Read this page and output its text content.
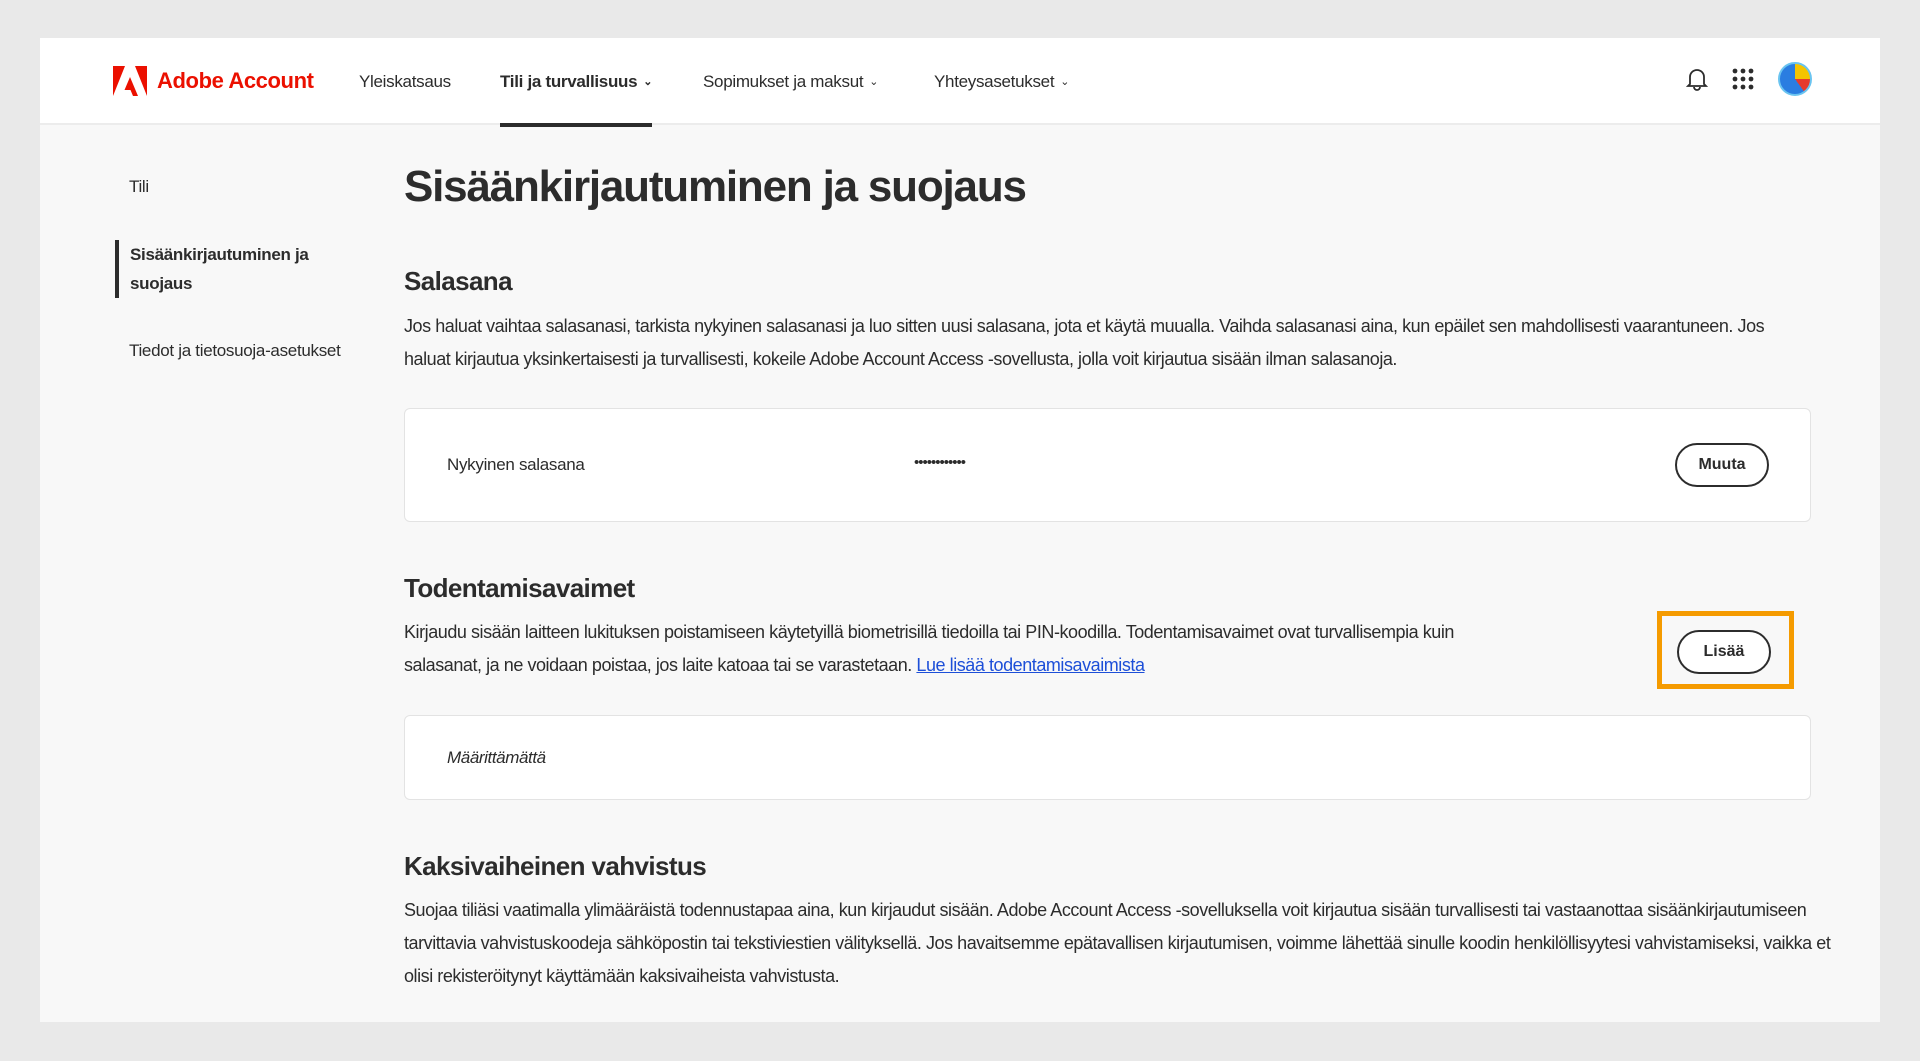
Adobe Account	Yleiskatsaus	Tili ja turvallisuus ⌄	Sopimukset ja maksut ⌄	Yhteysasetukset ⌄
Tili
Sisäänkirjautuminen ja suojaus
Tiedot ja tietosuoja-asetukset
Sisäänkirjautuminen ja suojaus
Salasana

Jos haluat vaihtaa salasanasi, tarkista nykyinen salasanasi ja luo sitten uusi salasana, jota et käytä muualla. Vaihda salasanasi aina, kun epäilet sen mahdollisesti vaarantuneen. Jos haluat kirjautua yksinkertaisesti ja turvallisesti, kokeile Adobe Account Access -sovellusta, jolla voit kirjautua sisään ilman salasanoja.

Nykyinen salasana	••••••••••••	Muuta
Todentamisavaimet

Kirjaudu sisään laitteen lukituksen poistamiseen käytetyillä biometrisillä tiedoilla tai PIN-koodilla. Todentamisavaimet ovat turvallisempia kuin salasanat, ja ne voidaan poistaa, jos laite katoaa tai se varastetaan. Lue lisää todentamisavaimista

Lisää
Määrittämättä
Kaksivaiheinen vahvistus

Suojaa tiliäsi vaatimalla ylimääräistä todennustapaa aina, kun kirjaudut sisään. Adobe Account Access -sovelluksella voit kirjautua sisään turvallisesti tai vastaanottaa sisäänkirjautumiseen tarvittavia vahvistuskoodeja sähköpostin tai tekstiviestien välityksellä. Jos havaitsemme epätavallisen kirjautumisen, voimme lähettää sinulle koodin henkilöllisyytesi vahvistamiseksi, vaikka et olisi rekisteröitynyt käyttämään kaksivaiheista vahvistusta.
